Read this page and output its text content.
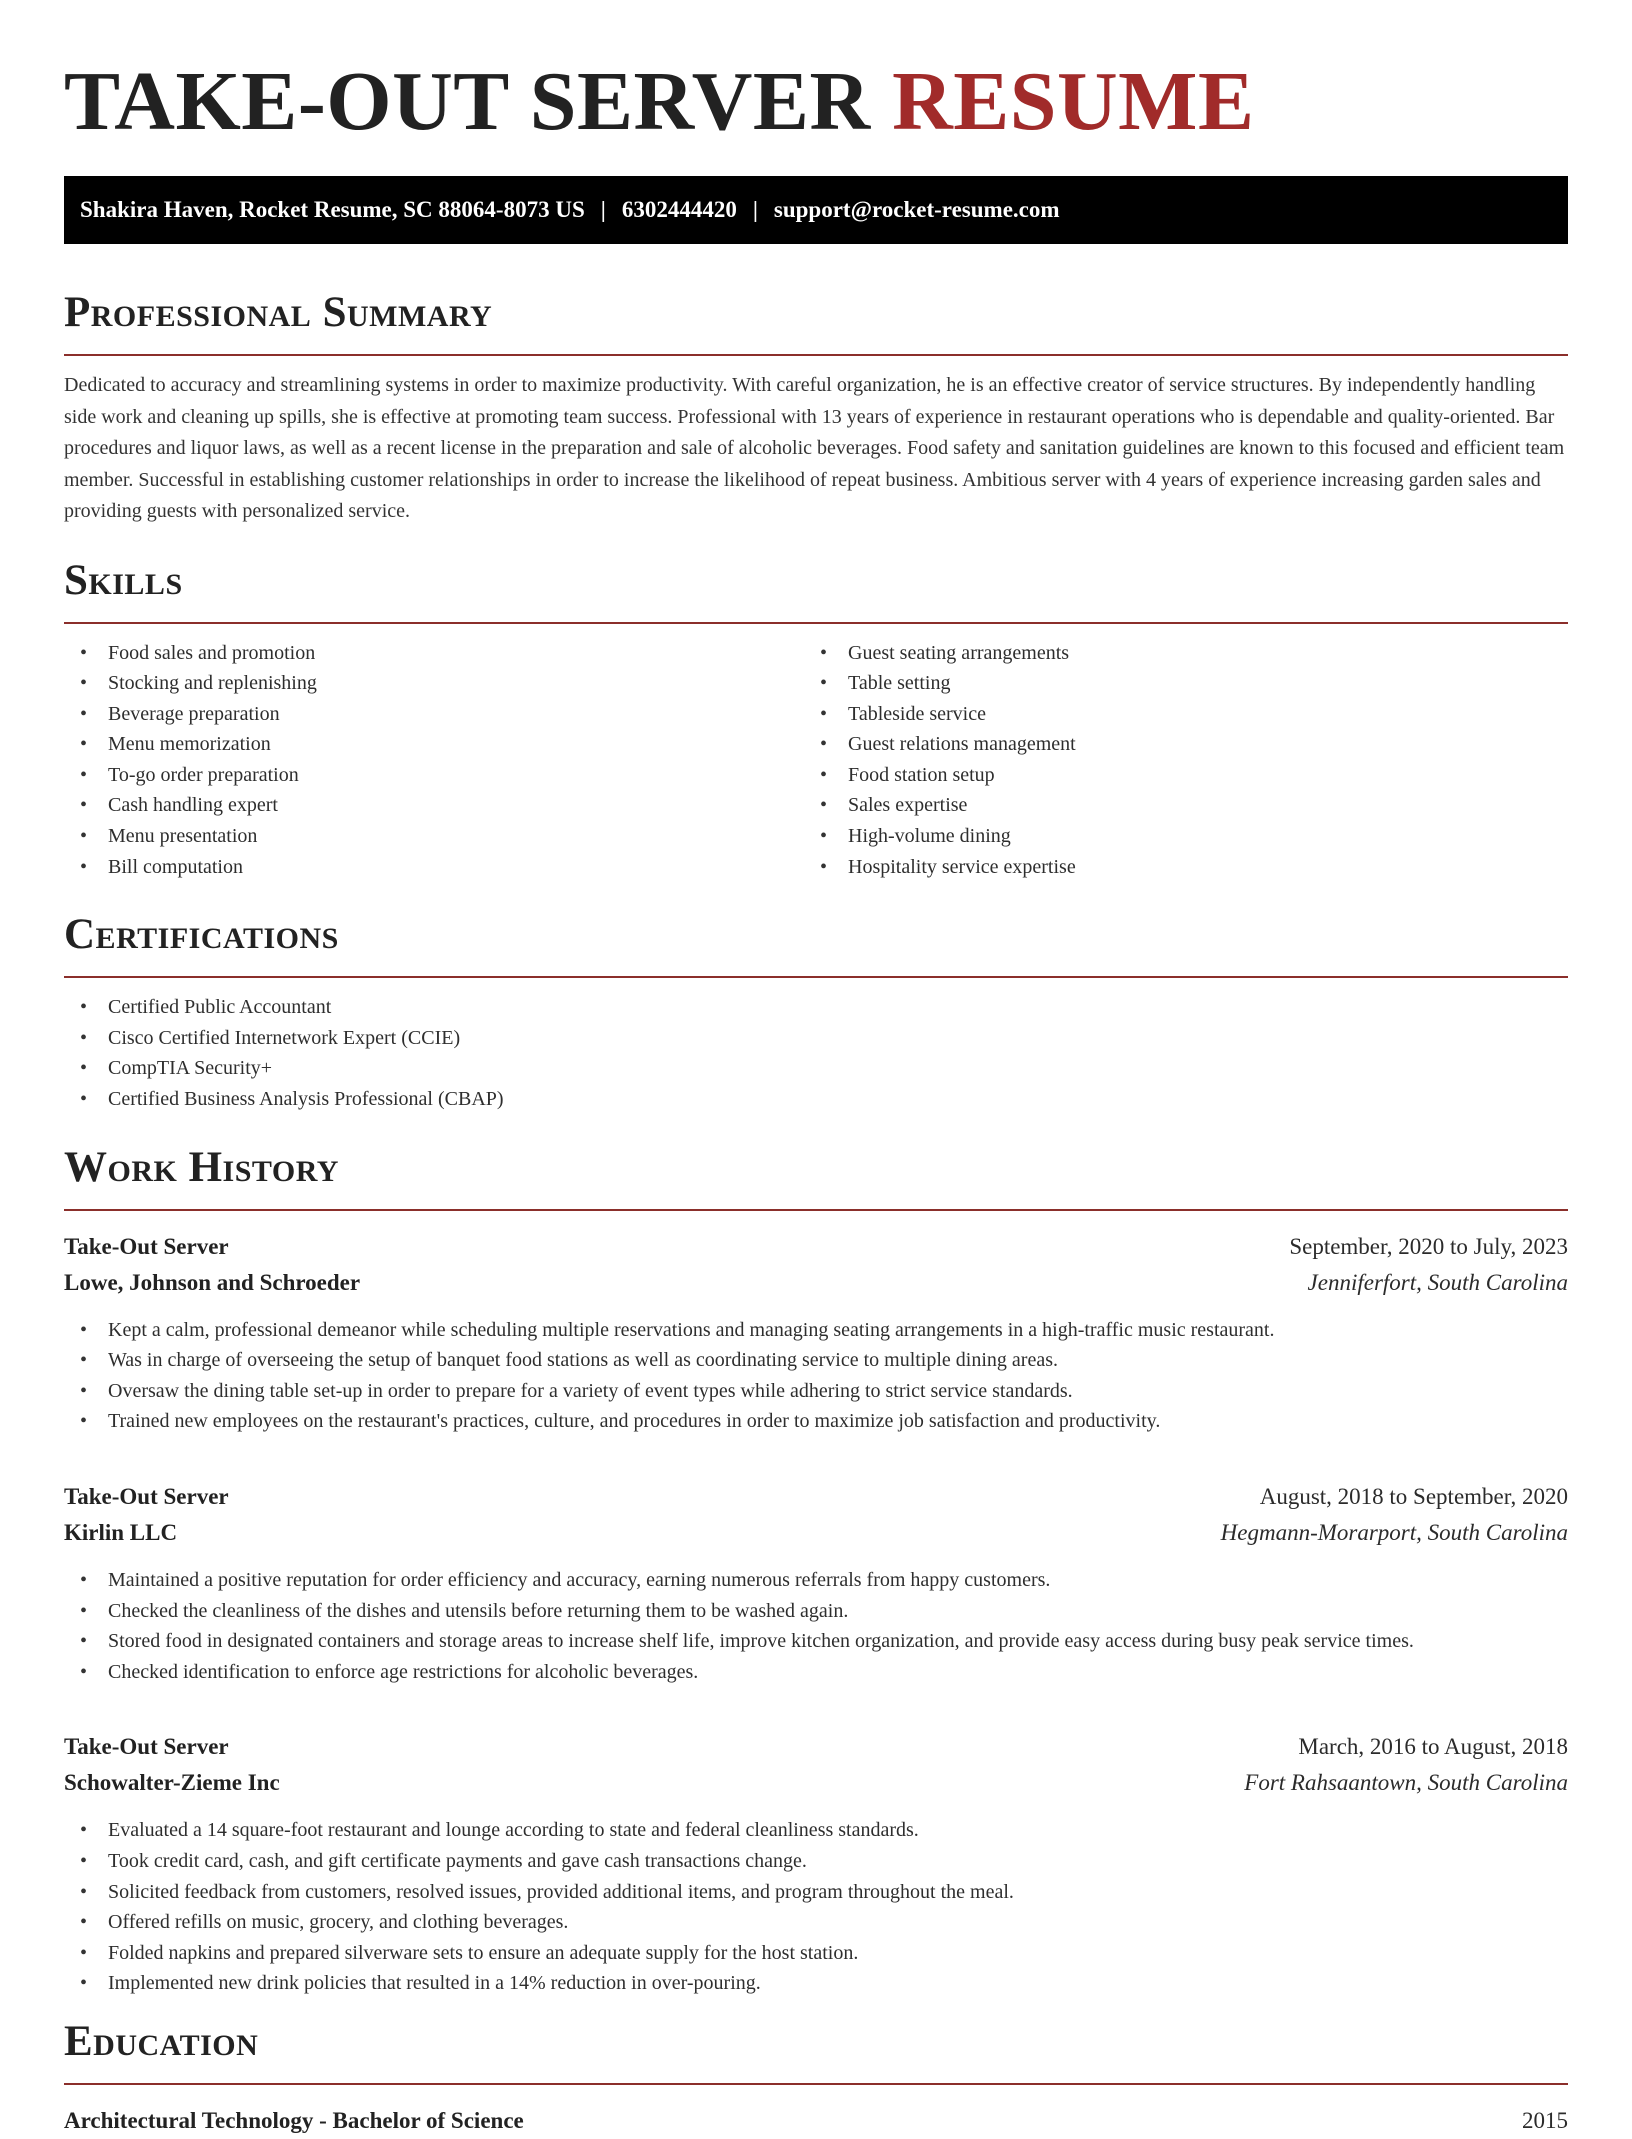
TAKE-OUT SERVER RESUME
Shakira Haven, Rocket Resume, SC 88064-8073 US | 6302444420 | support@rocket-resume.com
Professional Summary

Dedicated to accuracy and streamlining systems in order to maximize productivity. With careful organization, he is an effective creator of service structures. By independently handling side work and cleaning up spills, she is effective at promoting team success. Professional with 13 years of experience in restaurant operations who is dependable and quality-oriented. Bar procedures and liquor laws, as well as a recent license in the preparation and sale of alcoholic beverages. Food safety and sanitation guidelines are known to this focused and efficient team member. Successful in establishing customer relationships in order to increase the likelihood of repeat business. Ambitious server with 4 years of experience increasing garden sales and providing guests with personalized service.

Skills
• Food sales and promotion
• Stocking and replenishing
• Beverage preparation
• Menu memorization
• To-go order preparation
• Cash handling expert
• Menu presentation
• Bill computation
• Guest seating arrangements
• Table setting
• Tableside service
• Guest relations management
• Food station setup
• Sales expertise
• High-volume dining
• Hospitality service expertise
Certifications
• Certified Public Accountant
• Cisco Certified Internetwork Expert (CCIE)
• CompTIA Security+
• Certified Business Analysis Professional (CBAP)
Work History
Take-Out Server	September, 2020 to July, 2023
Lowe, Johnson and Schroeder	Jenniferfort, South Carolina
• Kept a calm, professional demeanor while scheduling multiple reservations and managing seating arrangements in a high-traffic music restaurant.
• Was in charge of overseeing the setup of banquet food stations as well as coordinating service to multiple dining areas.
• Oversaw the dining table set-up in order to prepare for a variety of event types while adhering to strict service standards.
• Trained new employees on the restaurant's practices, culture, and procedures in order to maximize job satisfaction and productivity.
Take-Out Server	August, 2018 to September, 2020
Kirlin LLC	Hegmann-Morarport, South Carolina
• Maintained a positive reputation for order efficiency and accuracy, earning numerous referrals from happy customers.
• Checked the cleanliness of the dishes and utensils before returning them to be washed again.
• Stored food in designated containers and storage areas to increase shelf life, improve kitchen organization, and provide easy access during busy peak service times.
• Checked identification to enforce age restrictions for alcoholic beverages.
Take-Out Server	March, 2016 to August, 2018
Schowalter-Zieme Inc	Fort Rahsaantown, South Carolina
• Evaluated a 14 square-foot restaurant and lounge according to state and federal cleanliness standards.
• Took credit card, cash, and gift certificate payments and gave cash transactions change.
• Solicited feedback from customers, resolved issues, provided additional items, and program throughout the meal.
• Offered refills on music, grocery, and clothing beverages.
• Folded napkins and prepared silverware sets to ensure an adequate supply for the host station.
• Implemented new drink policies that resulted in a 14% reduction in over-pouring.
Education
Architectural Technology - Bachelor of Science	2015
